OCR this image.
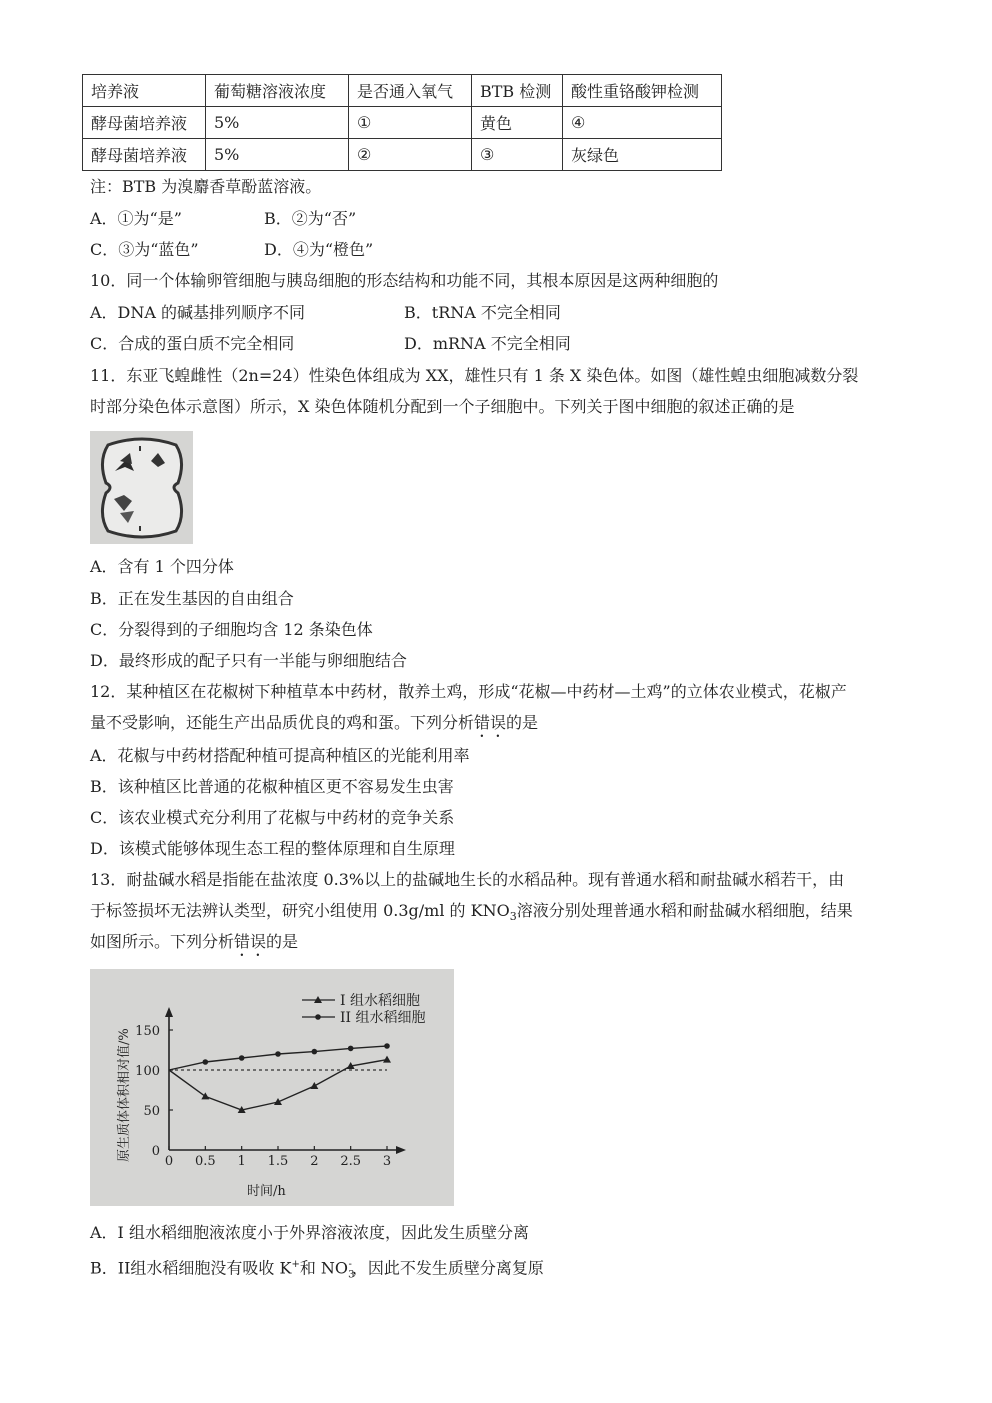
培养液	葡萄糖溶液浓度	是否通入氧气	BTB 检测	酸性重铬酸钾检测
酵母菌培养液	5%	①	黄色	④
酵母菌培养液	5%	②	③	灰绿色
注：BTB 为溴麝香草酚蓝溶液。
A．①为“是”	B．②为“否”
C．③为“蓝色”	D．④为“橙色”
10．同一个体输卵管细胞与胰岛细胞的形态结构和功能不同，其根本原因是这两种细胞的
A．DNA 的碱基排列顺序不同	B．tRNA 不完全相同
C．合成的蛋白质不完全相同	D．mRNA 不完全相同
11．东亚飞蝗雌性（2n=24）性染色体组成为 XX，雄性只有 1 条 X 染色体。如图（雄性蝗虫细胞减数分裂
时部分染色体示意图）所示，X 染色体随机分配到一个子细胞中。下列关于图中细胞的叙述正确的是
A．含有 1 个四分体
B．正在发生基因的自由组合
C．分裂得到的子细胞均含 12 条染色体
D．最终形成的配子只有一半能与卵细胞结合
12．某种植区在花椒树下种植草本中药材，散养土鸡，形成“花椒—中药材—土鸡”的立体农业模式，花椒产
量不受影响，还能生产出品质优良的鸡和蛋。下列分析错误的是
A．花椒与中药材搭配种植可提高种植区的光能利用率
B．该种植区比普通的花椒种植区更不容易发生虫害
C．该农业模式充分利用了花椒与中药材的竞争关系
D．该模式能够体现生态工程的整体原理和自生原理
13．耐盐碱水稻是指能在盐浓度 0.3%以上的盐碱地生长的水稻品种。现有普通水稻和耐盐碱水稻若干，由
于标签损坏无法辨认类型，研究小组使用 0.3g/ml 的 $KNO_3$溶液分别处理普通水稻和耐盐碱水稻细胞，结果
如图所示。下列分析错误的是
0 0.5 1 1.5 2 2.5 3
0
50
100
150
I 组水稻细胞
II 组水稻细胞
原生质体体积相对值/%
时间/h
A．I 组水稻细胞液浓度小于外界溶液浓度，因此发生质壁分离
B．II组水稻细胞没有吸收 K+和 $NO_3^-$，因此不发生质壁分离复原
